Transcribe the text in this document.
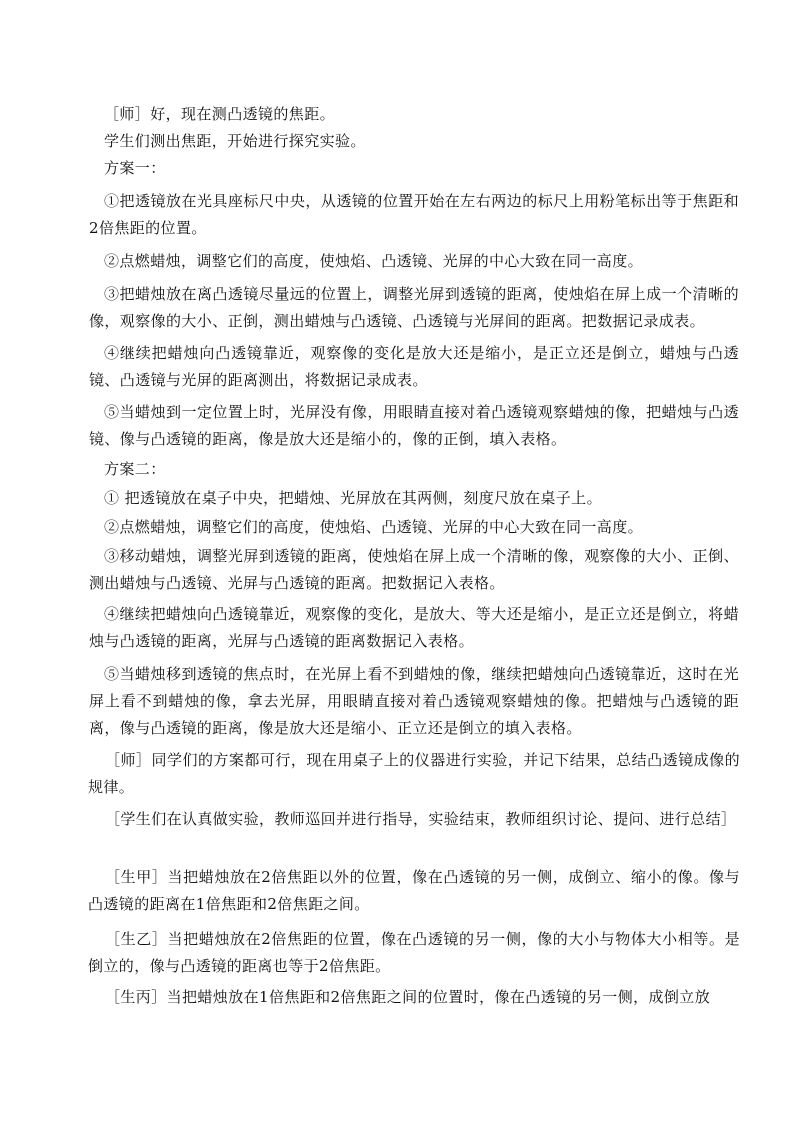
［师］好，现在测凸透镜的焦距。

学生们测出焦距，开始进行探究实验。

方案一：

①把透镜放在光具座标尺中央，从透镜的位置开始在左右两边的标尺上用粉笔标出等于焦距和2倍焦距的位置。

②点燃蜡烛，调整它们的高度，使烛焰、凸透镜、光屏的中心大致在同一高度。

③把蜡烛放在离凸透镜尽量远的位置上，调整光屏到透镜的距离，使烛焰在屏上成一个清晰的像，观察像的大小、正倒，测出蜡烛与凸透镜、凸透镜与光屏间的距离。把数据记录成表。

④继续把蜡烛向凸透镜靠近，观察像的变化是放大还是缩小，是正立还是倒立，蜡烛与凸透镜、凸透镜与光屏的距离测出，将数据记录成表。

⑤当蜡烛到一定位置上时，光屏没有像，用眼睛直接对着凸透镜观察蜡烛的像，把蜡烛与凸透镜、像与凸透镜的距离，像是放大还是缩小的，像的正倒，填入表格。

方案二：

① 把透镜放在桌子中央，把蜡烛、光屏放在其两侧，刻度尺放在桌子上。

②点燃蜡烛，调整它们的高度，使烛焰、凸透镜、光屏的中心大致在同一高度。

③移动蜡烛，调整光屏到透镜的距离，使烛焰在屏上成一个清晰的像，观察像的大小、正倒、测出蜡烛与凸透镜、光屏与凸透镜的距离。把数据记入表格。

④继续把蜡烛向凸透镜靠近，观察像的变化，是放大、等大还是缩小，是正立还是倒立，将蜡烛与凸透镜的距离，光屏与凸透镜的距离数据记入表格。

⑤当蜡烛移到透镜的焦点时，在光屏上看不到蜡烛的像，继续把蜡烛向凸透镜靠近，这时在光屏上看不到蜡烛的像，拿去光屏，用眼睛直接对着凸透镜观察蜡烛的像。把蜡烛与凸透镜的距离，像与凸透镜的距离，像是放大还是缩小、正立还是倒立的填入表格。

［师］同学们的方案都可行，现在用桌子上的仪器进行实验，并记下结果，总结凸透镜成像的规律。

［学生们在认真做实验，教师巡回并进行指导，实验结束，教师组织讨论、提问、进行总结］

［生甲］当把蜡烛放在2倍焦距以外的位置，像在凸透镜的另一侧，成倒立、缩小的像。像与凸透镜的距离在1倍焦距和2倍焦距之间。

［生乙］当把蜡烛放在2倍焦距的位置，像在凸透镜的另一侧，像的大小与物体大小相等。是倒立的，像与凸透镜的距离也等于2倍焦距。

［生丙］当把蜡烛放在1倍焦距和2倍焦距之间的位置时，像在凸透镜的另一侧，成倒立放
